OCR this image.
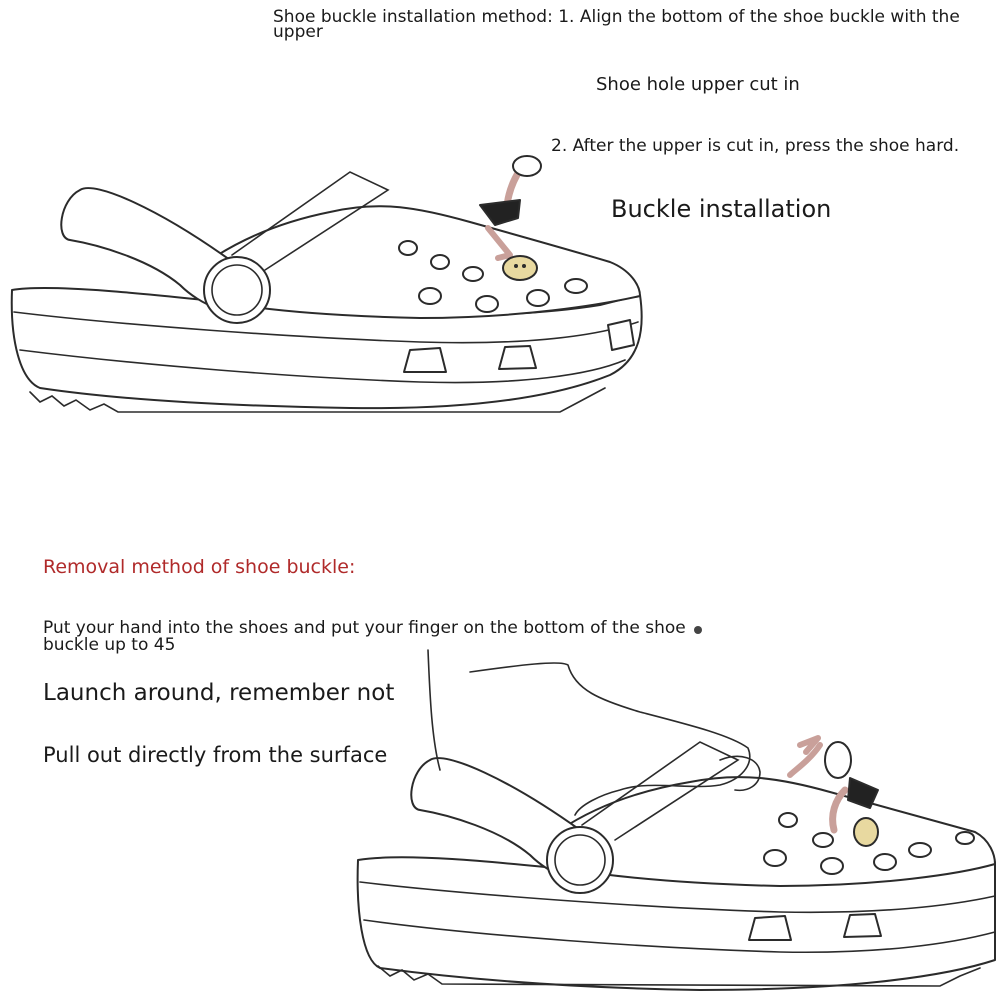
Shoe buckle installation method: 1. Align the bottom of the shoe buckle with the upper

Shoe hole upper cut in

2. After the upper is cut in, press the shoe hard.

Buckle installation

Removal method of shoe buckle:

Put your hand into the shoes and put your finger on the bottom of the shoe buckle up to 45

Launch around, remember not

Pull out directly from the surface
